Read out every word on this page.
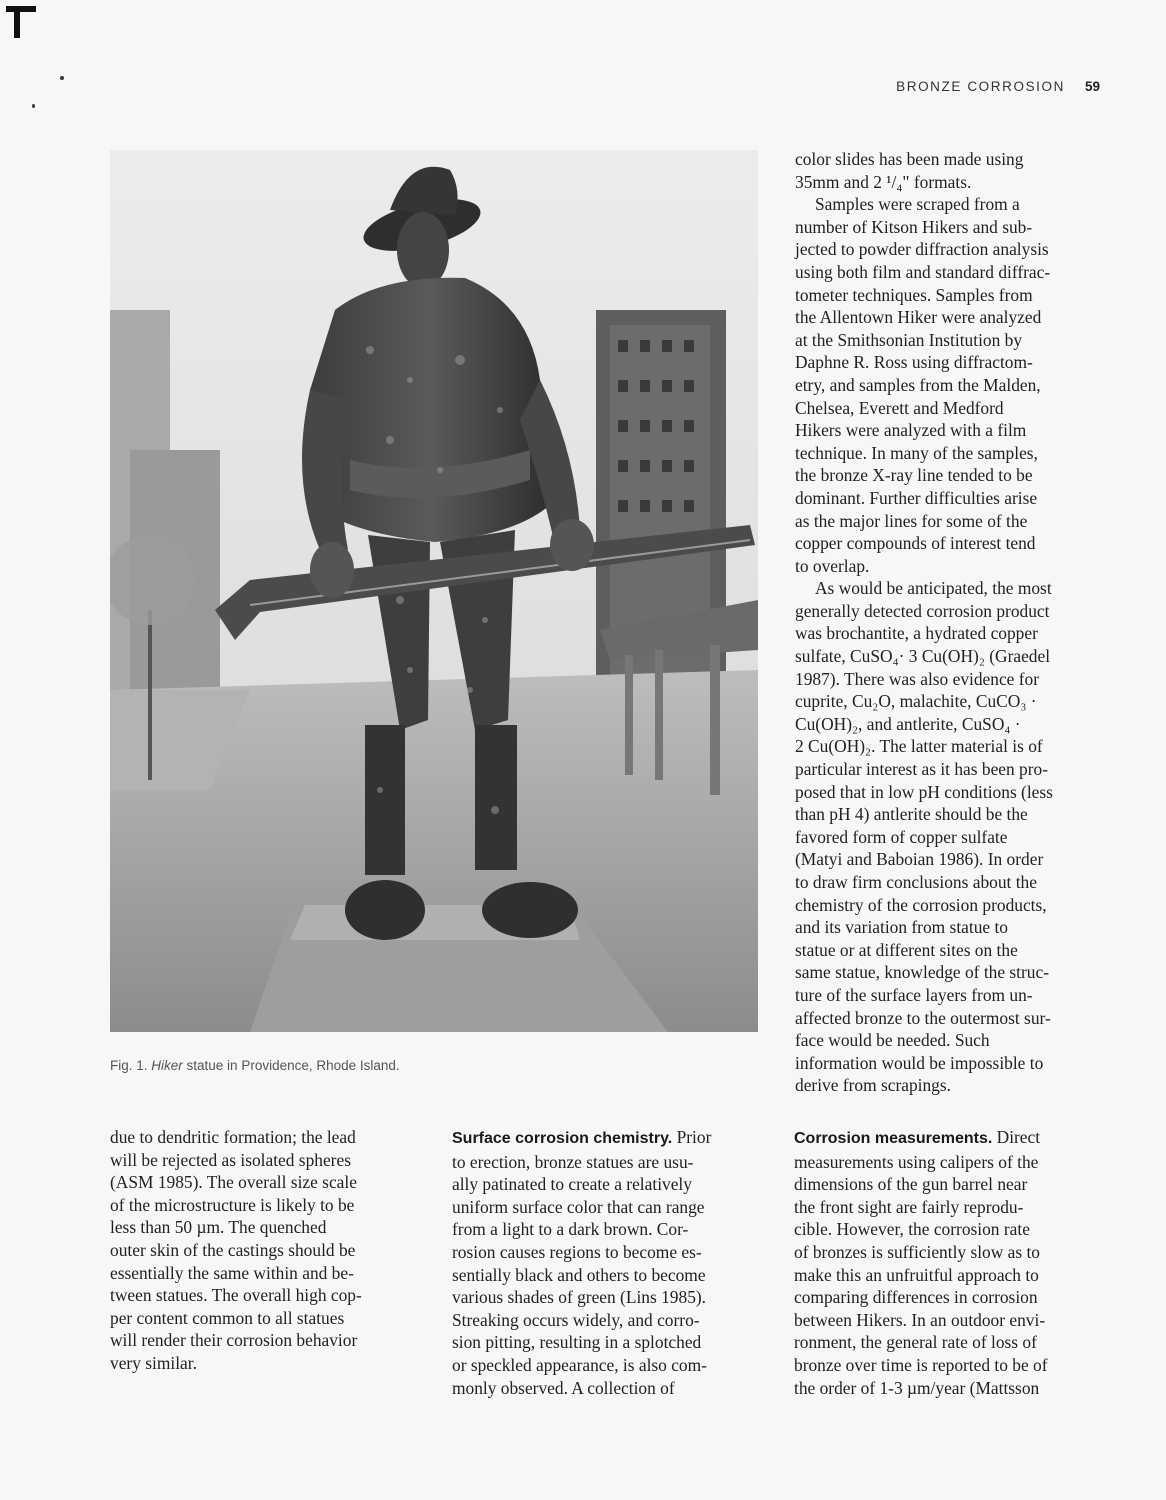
BRONZE CORROSION 59
Fig. 1. Hiker statue in Providence, Rhode Island.
color slides has been made using
35mm and 2 ¹/₄" formats.
Samples were scraped from a
number of Kitson Hikers and sub-
jected to powder diffraction analysis
using both film and standard diffrac-
tometer techniques. Samples from
the Allentown Hiker were analyzed
at the Smithsonian Institution by
Daphne R. Ross using diffractom-
etry, and samples from the Malden,
Chelsea, Everett and Medford
Hikers were analyzed with a film
technique. In many of the samples,
the bronze X-ray line tended to be
dominant. Further difficulties arise
as the major lines for some of the
copper compounds of interest tend
to overlap.
As would be anticipated, the most
generally detected corrosion product
was brochantite, a hydrated copper
sulfate, CuSO₄· 3 Cu(OH)₂ (Graedel
1987). There was also evidence for
cuprite, Cu₂O, malachite, CuCO₃ ·
Cu(OH)₂, and antlerite, CuSO₄ ·
2 Cu(OH)₂. The latter material is of
particular interest as it has been pro-
posed that in low pH conditions (less
than pH 4) antlerite should be the
favored form of copper sulfate
(Matyi and Baboian 1986). In order
to draw firm conclusions about the
chemistry of the corrosion products,
and its variation from statue to
statue or at different sites on the
same statue, knowledge of the struc-
ture of the surface layers from un-
affected bronze to the outermost sur-
face would be needed. Such
information would be impossible to
derive from scrapings.
due to dendritic formation; the lead
will be rejected as isolated spheres
(ASM 1985). The overall size scale
of the microstructure is likely to be
less than 50 µm. The quenched
outer skin of the castings should be
essentially the same within and be-
tween statues. The overall high cop-
per content common to all statues
will render their corrosion behavior
very similar.
Surface corrosion chemistry. Prior
to erection, bronze statues are usu-
ally patinated to create a relatively
uniform surface color that can range
from a light to a dark brown. Cor-
rosion causes regions to become es-
sentially black and others to become
various shades of green (Lins 1985).
Streaking occurs widely, and corro-
sion pitting, resulting in a splotched
or speckled appearance, is also com-
monly observed. A collection of
Corrosion measurements. Direct
measurements using calipers of the
dimensions of the gun barrel near
the front sight are fairly reprodu-
cible. However, the corrosion rate
of bronzes is sufficiently slow as to
make this an unfruitful approach to
comparing differences in corrosion
between Hikers. In an outdoor envi-
ronment, the general rate of loss of
bronze over time is reported to be of
the order of 1-3 µm/year (Mattsson
